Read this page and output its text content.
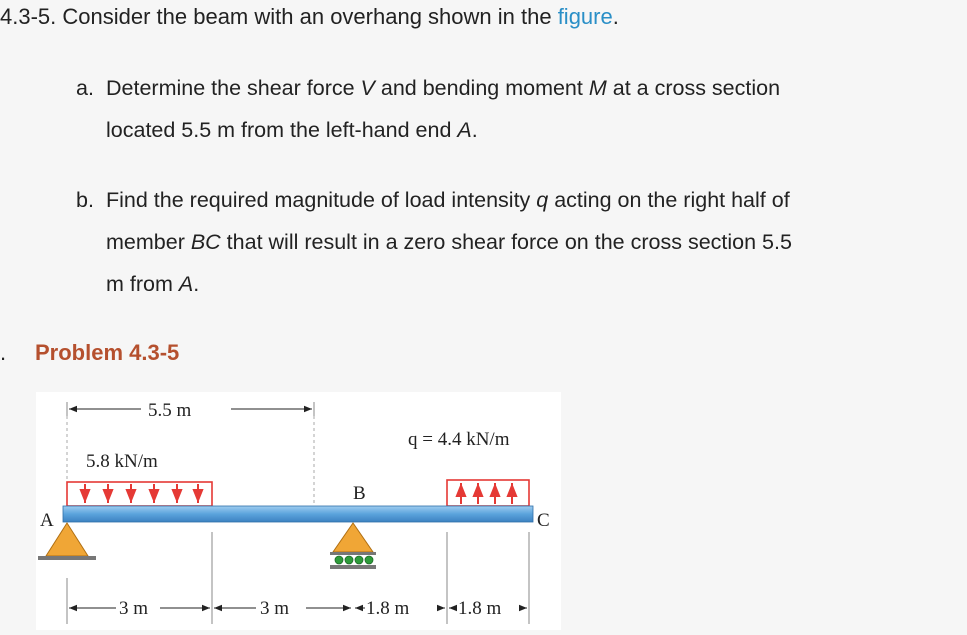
4.3-5. Consider the beam with an overhang shown in the figure.
a. Determine the shear force V and bending moment M at a cross section
located 5.5 m from the left-hand end A.
b. Find the required magnitude of load intensity q acting on the right half of
member BC that will result in a zero shear force on the cross section 5.5
m from A.
. Problem 4.3-5
5.5 m
5.8 kN/m
q = 4.4 kN/m
A
B
C
3 m	3 m	1.8 m	1.8 m
